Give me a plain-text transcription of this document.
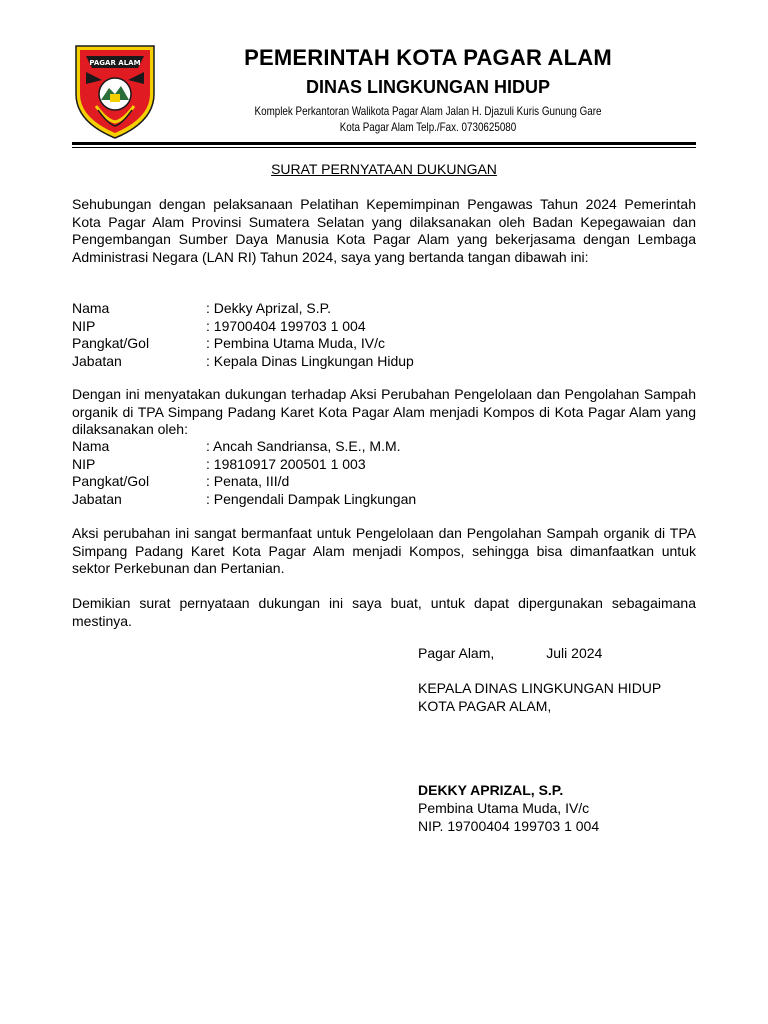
PAGAR ALAM	PEMERINTAH KOTA PAGAR ALAM
DINAS LINGKUNGAN HIDUP
Komplek Perkantoran Walikota Pagar Alam Jalan H. Djazuli Kuris Gunung Gare
Kota Pagar Alam Telp./Fax. 0730625080
SURAT PERNYATAAN DUKUNGAN

Sehubungan dengan pelaksanaan Pelatihan Kepemimpinan Pengawas Tahun 2024 Pemerintah Kota Pagar Alam Provinsi Sumatera Selatan yang dilaksanakan oleh Badan Kepegawaian dan Pengembangan Sumber Daya Manusia Kota Pagar Alam yang bekerjasama dengan Lembaga Administrasi Negara (LAN RI) Tahun 2024, saya yang bertanda tangan dibawah ini:

Nama	: Dekky Aprizal, S.P.
NIP	: 19700404 199703 1 004
Pangkat/Gol	: Pembina Utama Muda, IV/c
Jabatan	: Kepala Dinas Lingkungan Hidup

Dengan ini menyatakan dukungan terhadap Aksi Perubahan Pengelolaan dan Pengolahan Sampah organik di TPA Simpang Padang Karet Kota Pagar Alam menjadi Kompos di Kota Pagar Alam yang dilaksanakan oleh:

Nama	: Ancah Sandriansa, S.E., M.M.
NIP	: 19810917 200501 1 003
Pangkat/Gol	: Penata, III/d
Jabatan	: Pengendali Dampak Lingkungan

Aksi perubahan ini sangat bermanfaat untuk Pengelolaan dan Pengolahan Sampah organik di TPA Simpang Padang Karet Kota Pagar Alam menjadi Kompos, sehingga bisa dimanfaatkan untuk sektor Perkebunan dan Pertanian.

Demikian surat pernyataan dukungan ini saya buat, untuk dapat dipergunakan sebagaimana mestinya.

Pagar Alam,	Juli 2024
KEPALA DINAS LINGKUNGAN HIDUP
KOTA PAGAR ALAM,
DEKKY APRIZAL, S.P.
Pembina Utama Muda, IV/c
NIP. 19700404 199703 1 004
